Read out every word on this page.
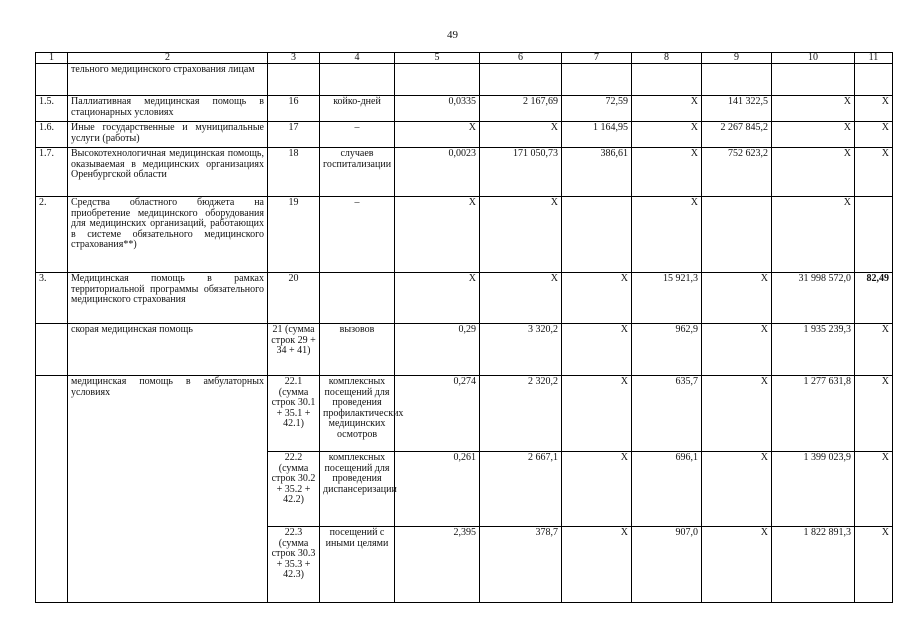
49
1	2	3	4	5	6	7	8	9	10	11
	тельного медицинского страхования лицам									
1.5.	Паллиативная медицинская помощь в стационарных условиях	16	койко-дней	0,0335	2 167,69	72,59	X	141 322,5	X	X
1.6.	Иные государственные и муниципальные услуги (работы)	17	–	X	X	1 164,95	X	2 267 845,2	X	X
1.7.	Высокотехнологичная медицинская помощь, оказываемая в медицинских организациях Оренбургской области	18	случаев госпитализации	0,0023	171 050,73	386,61	X	752 623,2	X	X
2.	Средства областного бюджета на приобретение медицинского оборудования для медицинских организаций, работающих в системе обязательного медицинского страхования**)	19	–	X	X		X		X	
3.	Медицинская помощь в рамках территориальной программы обязательного медицинского страхования	20		X	X	X	15 921,3	X	31 998 572,0	82,49
	скорая медицинская помощь	21 (сумма строк 29 + 34 + 41)	вызовов	0,29	3 320,2	X	962,9	X	1 935 239,3	X
	медицинская помощь в амбулаторных условиях	22.1 (сумма строк 30.1 + 35.1 + 42.1)	комплексных посещений для проведения профилактических медицинских осмотров	0,274	2 320,2	X	635,7	X	1 277 631,8	X
		22.2 (сумма строк 30.2 + 35.2 + 42.2)	комплексных посещений для проведения диспансеризации	0,261	2 667,1	X	696,1	X	1 399 023,9	X
		22.3 (сумма строк 30.3 + 35.3 + 42.3)	посещений с иными целями	2,395	378,7	X	907,0	X	1 822 891,3	X
